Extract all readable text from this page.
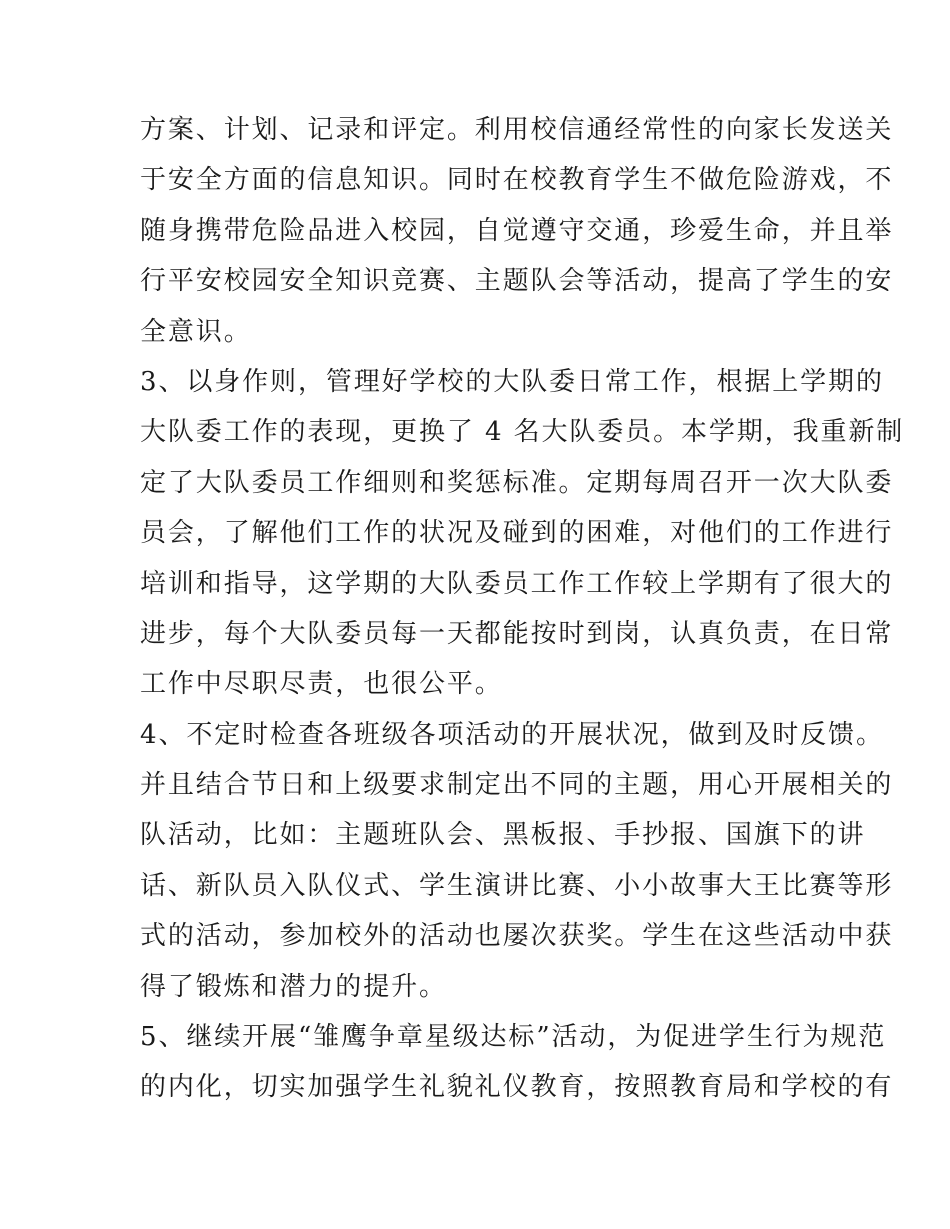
方案、计划、记录和评定。利用校信通经常性的向家长发送关
于安全方面的信息知识。同时在校教育学生不做危险游戏，不
随身携带危险品进入校园，自觉遵守交通，珍爱生命，并且举
行平安校园安全知识竞赛、主题队会等活动，提高了学生的安
全意识。
3、以身作则，管理好学校的大队委日常工作，根据上学期的
大队委工作的表现，更换了 4 名大队委员。本学期，我重新制
定了大队委员工作细则和奖惩标准。定期每周召开一次大队委
员会，了解他们工作的状况及碰到的困难，对他们的工作进行
培训和指导，这学期的大队委员工作工作较上学期有了很大的
进步，每个大队委员每一天都能按时到岗，认真负责，在日常
工作中尽职尽责，也很公平。
4、不定时检查各班级各项活动的开展状况，做到及时反馈。
并且结合节日和上级要求制定出不同的主题，用心开展相关的
队活动，比如：主题班队会、黑板报、手抄报、国旗下的讲
话、新队员入队仪式、学生演讲比赛、小小故事大王比赛等形
式的活动，参加校外的活动也屡次获奖。学生在这些活动中获
得了锻炼和潜力的提升。
5、继续开展“雏鹰争章星级达标”活动，为促进学生行为规范
的内化，切实加强学生礼貌礼仪教育，按照教育局和学校的有
